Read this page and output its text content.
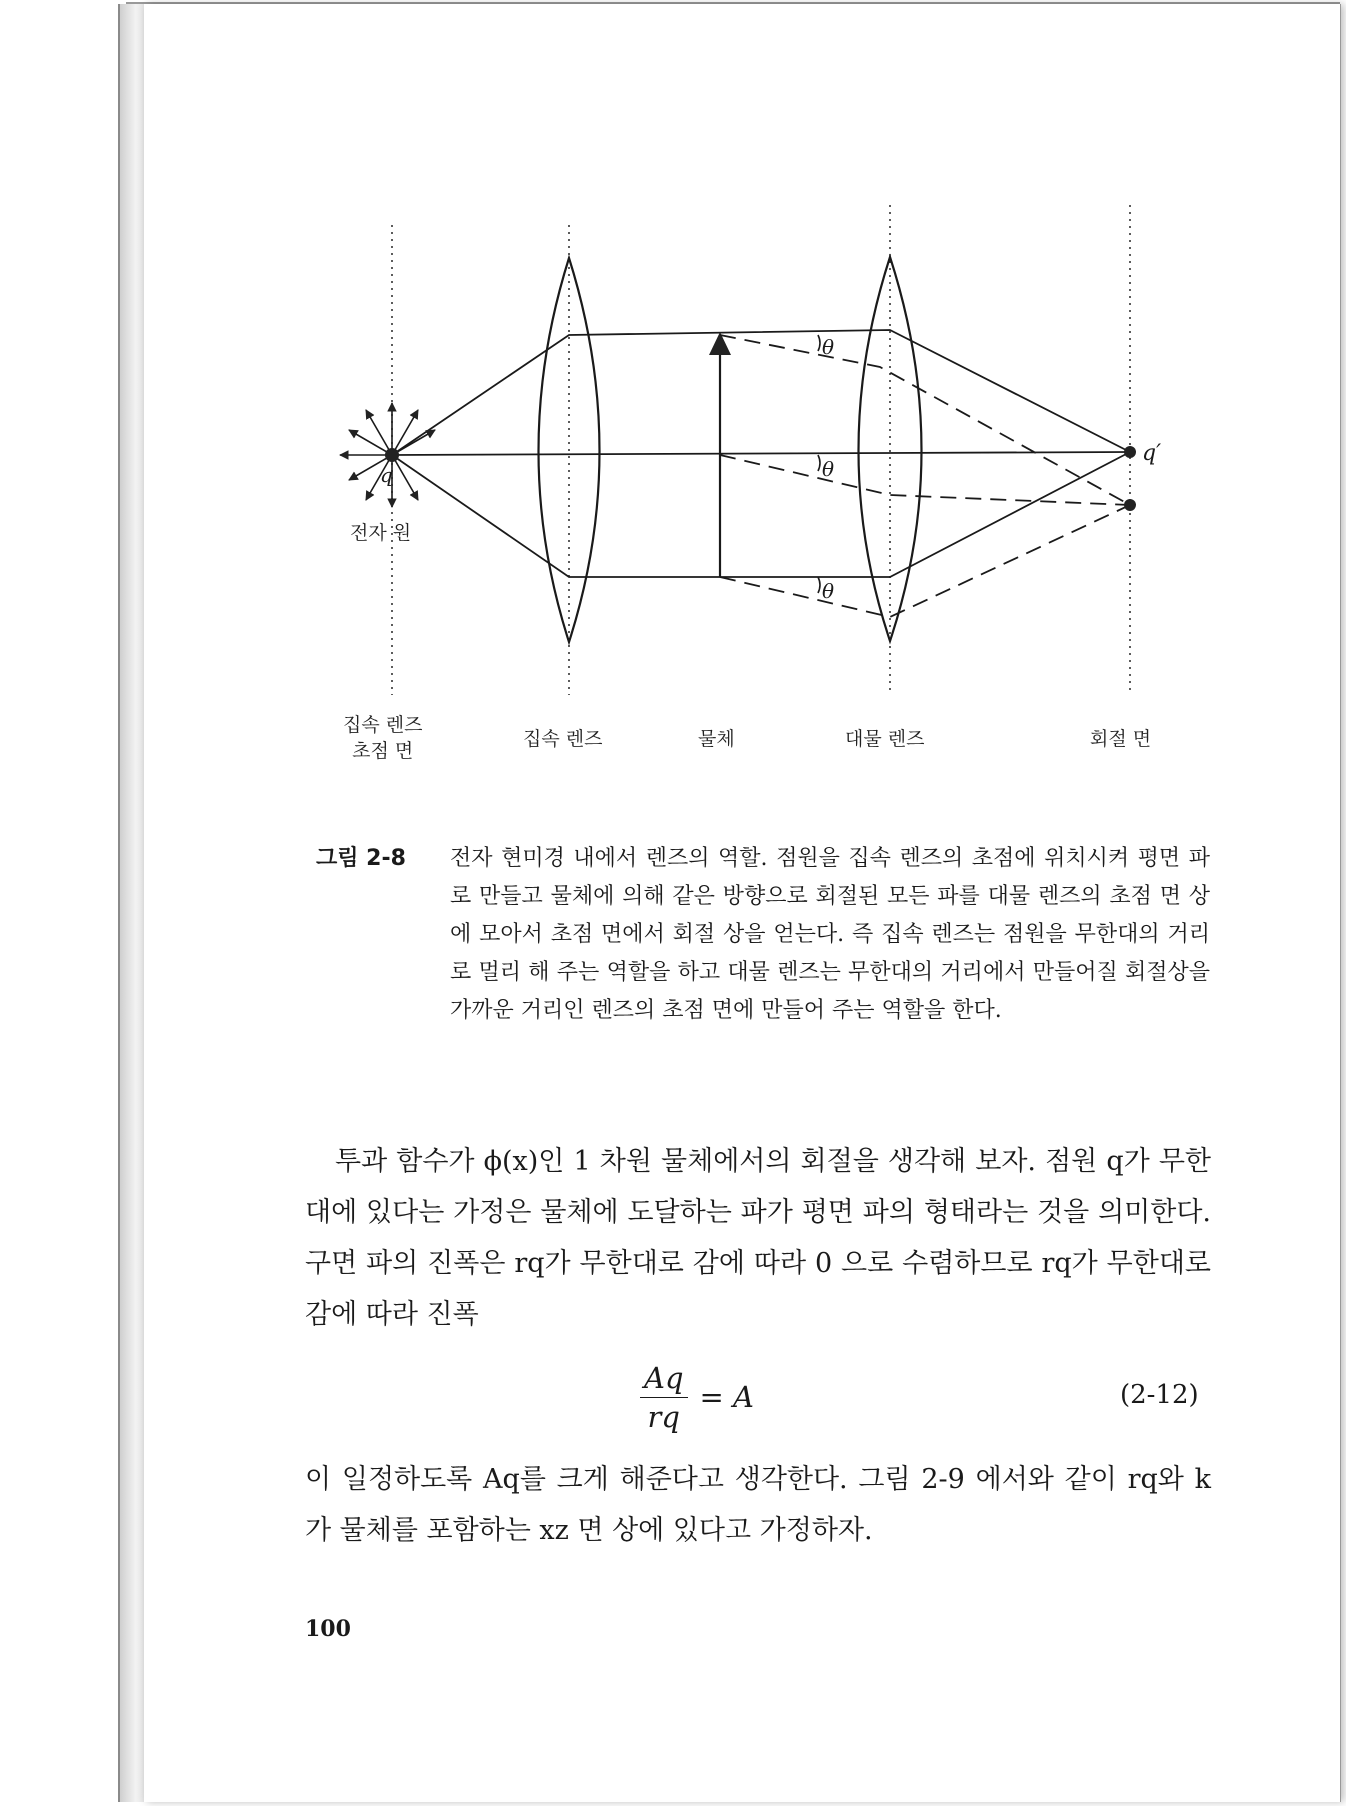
θ
θ
θ
q
q′
전자 원
집속 렌즈
초점 면
집속 렌즈	물체	대물 렌즈	회절 면
그림 2-8 전자 현미경 내에서 렌즈의 역할. 점원을 집속 렌즈의 초점에 위치시켜 평면 파로 만들고 물체에 의해 같은 방향으로 회절된 모든 파를 대물 렌즈의 초점 면 상에 모아서 초점 면에서 회절 상을 얻는다. 즉 집속 렌즈는 점원을 무한대의 거리로 멀리 해 주는 역할을 하고 대물 렌즈는 무한대의 거리에서 만들어질 회절상을 가까운 거리인 렌즈의 초점 면에 만들어 주는 역할을 한다.

투과 함수가 ϕ(x)인 1 차원 물체에서의 회절을 생각해 보자. 점원 q가 무한대에 있다는 가정은 물체에 도달하는 파가 평면 파의 형태라는 것을 의미한다. 구면 파의 진폭은 rq가 무한대로 감에 따라 0 으로 수렴하므로 rq가 무한대로 감에 따라 진폭

$\frac{Aq}{rq} = A$	(2-12)

이 일정하도록 Aq를 크게 해준다고 생각한다. 그림 2-9 에서와 같이 rq와 k가 물체를 포함하는 xz 면 상에 있다고 가정하자.

100
